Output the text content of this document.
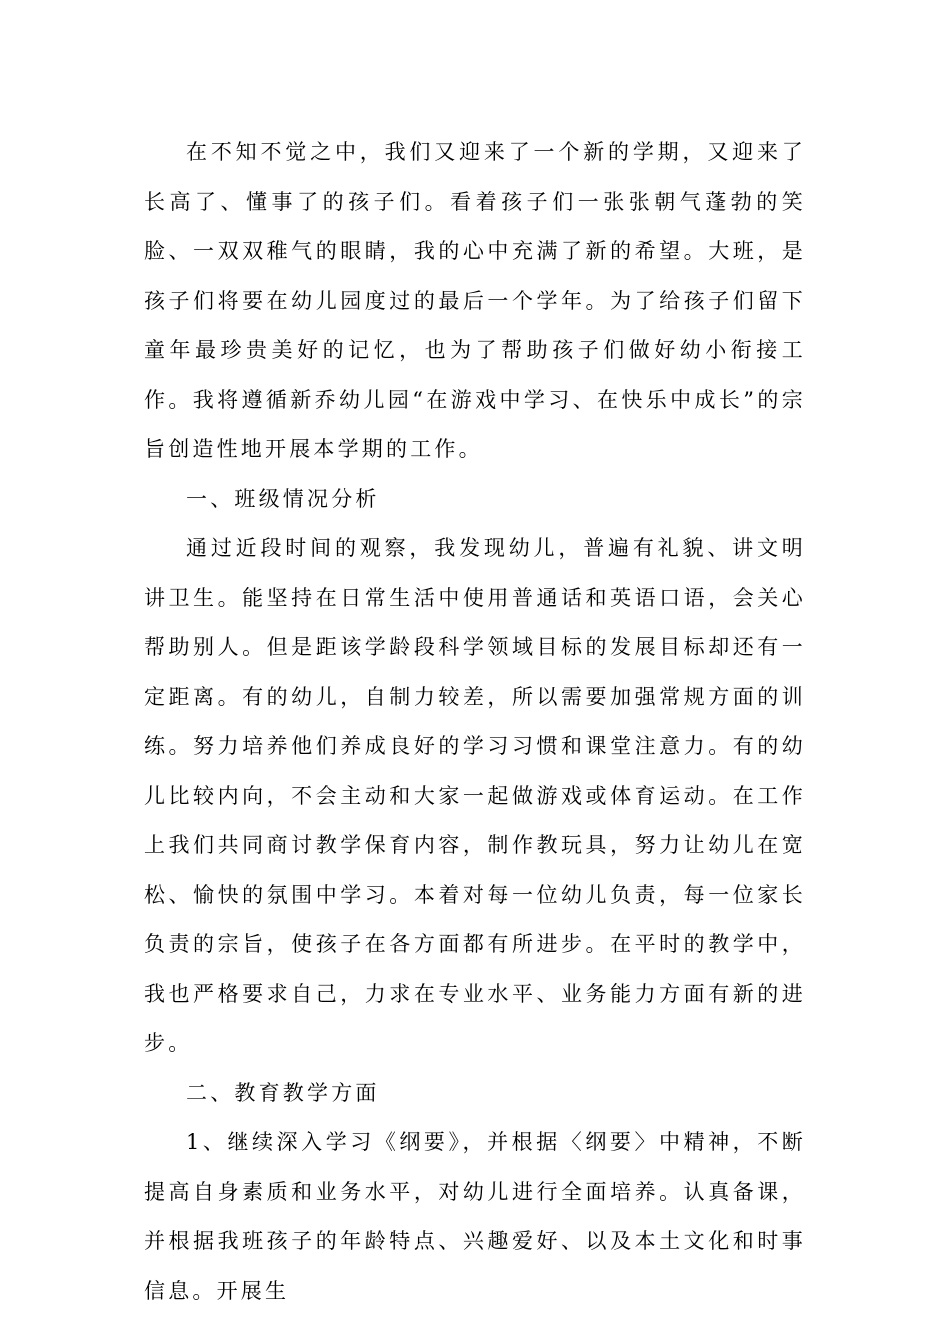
在不知不觉之中，我们又迎来了一个新的学期，又迎来了长高了、懂事了的孩子们。看着孩子们一张张朝气蓬勃的笑脸、一双双稚气的眼睛，我的心中充满了新的希望。大班，是孩子们将要在幼儿园度过的最后一个学年。为了给孩子们留下童年最珍贵美好的记忆，也为了帮助孩子们做好幼小衔接工作。我将遵循新乔幼儿园“在游戏中学习、在快乐中成长”的宗旨创造性地开展本学期的工作。

一、班级情况分析

通过近段时间的观察，我发现幼儿，普遍有礼貌、讲文明讲卫生。能坚持在日常生活中使用普通话和英语口语，会关心帮助别人。但是距该学龄段科学领域目标的发展目标却还有一定距离。有的幼儿，自制力较差，所以需要加强常规方面的训练。努力培养他们养成良好的学习习惯和课堂注意力。有的幼儿比较内向，不会主动和大家一起做游戏或体育运动。在工作上我们共同商讨教学保育内容，制作教玩具，努力让幼儿在宽松、愉快的氛围中学习。本着对每一位幼儿负责，每一位家长负责的宗旨，使孩子在各方面都有所进步。在平时的教学中，我也严格要求自己，力求在专业水平、业务能力方面有新的进步。

二、教育教学方面

1、继续深入学习《纲要》，并根据〈纲要〉中精神，不断提高自身素质和业务水平，对幼儿进行全面培养。认真备课，并根据我班孩子的年龄特点、兴趣爱好、以及本土文化和时事信息。开展生
